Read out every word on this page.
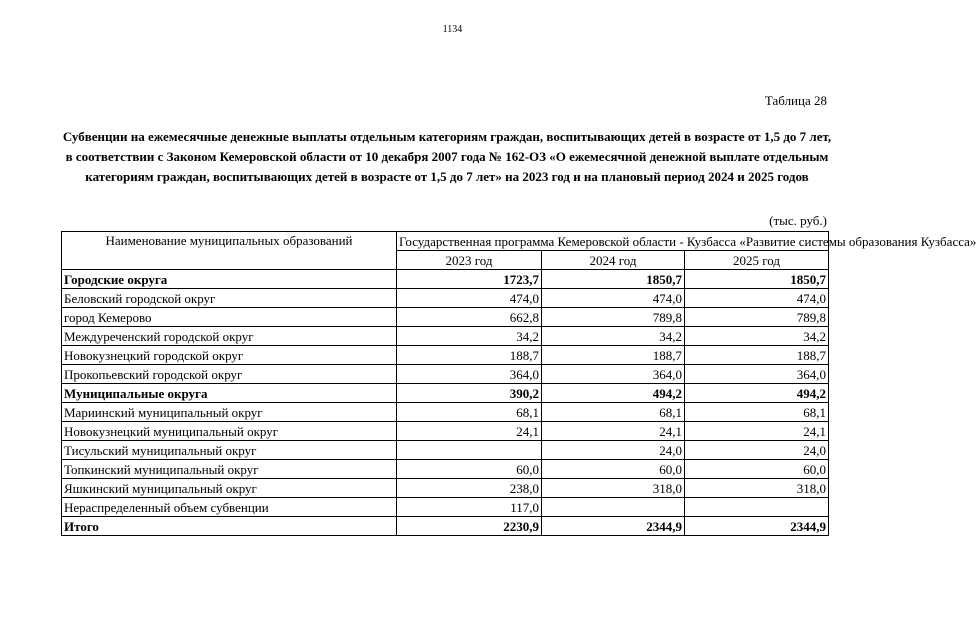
1134
Таблица 28
Субвенции на ежемесячные денежные выплаты отдельным категориям граждан, воспитывающих детей в возрасте от 1,5 до 7 лет, в соответствии с Законом Кемеровской области от 10 декабря 2007 года № 162-ОЗ «О ежемесячной денежной выплате отдельным категориям граждан, воспитывающих детей в возрасте от 1,5 до 7 лет» на 2023 год и на плановый период 2024 и 2025 годов
(тыс. руб.)
Наименование муниципальных образований	Государственная программа Кемеровской области - Кузбасса «Развитие системы образования Кузбасса»		
	2023 год	2024 год	2025 год
Городские округа	1723,7	1850,7	1850,7
Беловский городской округ	474,0	474,0	474,0
город Кемерово	662,8	789,8	789,8
Междуреченский городской округ	34,2	34,2	34,2
Новокузнецкий городской округ	188,7	188,7	188,7
Прокопьевский городской округ	364,0	364,0	364,0
Муниципальные округа	390,2	494,2	494,2
Мариинский муниципальный округ	68,1	68,1	68,1
Новокузнецкий муниципальный округ	24,1	24,1	24,1
Тисульский муниципальный округ		24,0	24,0
Топкинский муниципальный округ	60,0	60,0	60,0
Яшкинский муниципальный округ	238,0	318,0	318,0
Нераспределенный объем субвенции	117,0		
Итого	2230,9	2344,9	2344,9
